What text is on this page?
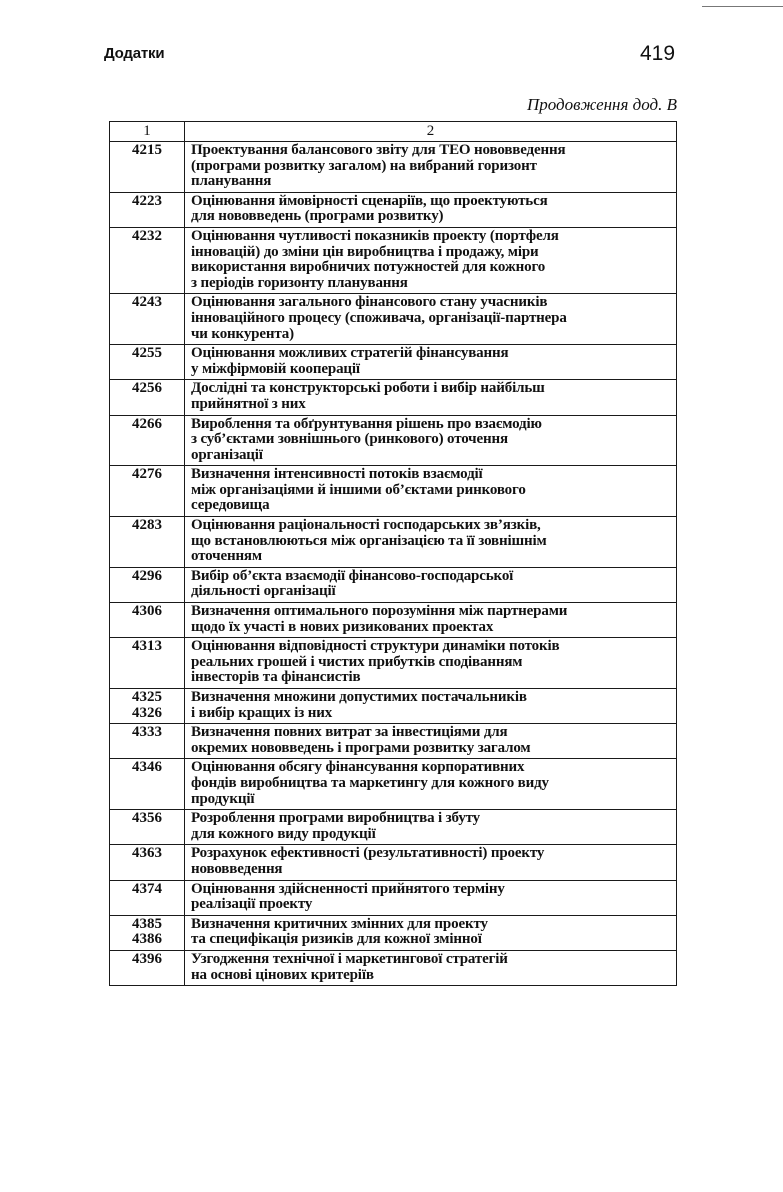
Додатки	419
Продовження дод. В
1	2

4215	Проектування балансового звіту для ТЕО нововведення
(програми розвитку загалом) на вибраний горизонт
планування

4223	Оцінювання ймовірності сценаріїв, що проектуються
для нововведень (програми розвитку)

4232	Оцінювання чутливості показників проекту (портфеля
інновацій) до зміни цін виробництва і продажу, міри
використання виробничих потужностей для кожного
з періодів горизонту планування

4243	Оцінювання загального фінансового стану учасників
інноваційного процесу (споживача, організації-партнера
чи конкурента)

4255	Оцінювання можливих стратегій фінансування
у міжфірмовій кооперації

4256	Дослідні та конструкторські роботи і вибір найбільш
прийнятної з них

4266	Вироблення та обґрунтування рішень про взаємодію
з суб’єктами зовнішнього (ринкового) оточення
організації

4276	Визначення інтенсивності потоків взаємодії
між організаціями й іншими об’єктами ринкового
середовища

4283	Оцінювання раціональності господарських зв’язків,
що встановлюються між організацією та її зовнішнім
оточенням

4296	Вибір об’єкта взаємодії фінансово-господарської
діяльності організації

4306	Визначення оптимального порозуміння між партнерами
щодо їх участі в нових ризикованих проектах

4313	Оцінювання відповідності структури динаміки потоків
реальних грошей і чистих прибутків сподіванням
інвесторів та фінансистів

4325
4326	Визначення множини допустимих постачальників
і вибір кращих із них

4333	Визначення повних витрат за інвестиціями для
окремих нововведень і програми розвитку загалом

4346	Оцінювання обсягу фінансування корпоративних
фондів виробництва та маркетингу для кожного виду
продукції

4356	Розроблення програми виробництва і збуту
для кожного виду продукції

4363	Розрахунок ефективності (результативності) проекту
нововведення

4374	Оцінювання здійсненності прийнятого терміну
реалізації проекту

4385
4386	Визначення критичних змінних для проекту
та специфікація ризиків для кожної змінної

4396	Узгодження технічної і маркетингової стратегій
на основі цінових критеріїв
